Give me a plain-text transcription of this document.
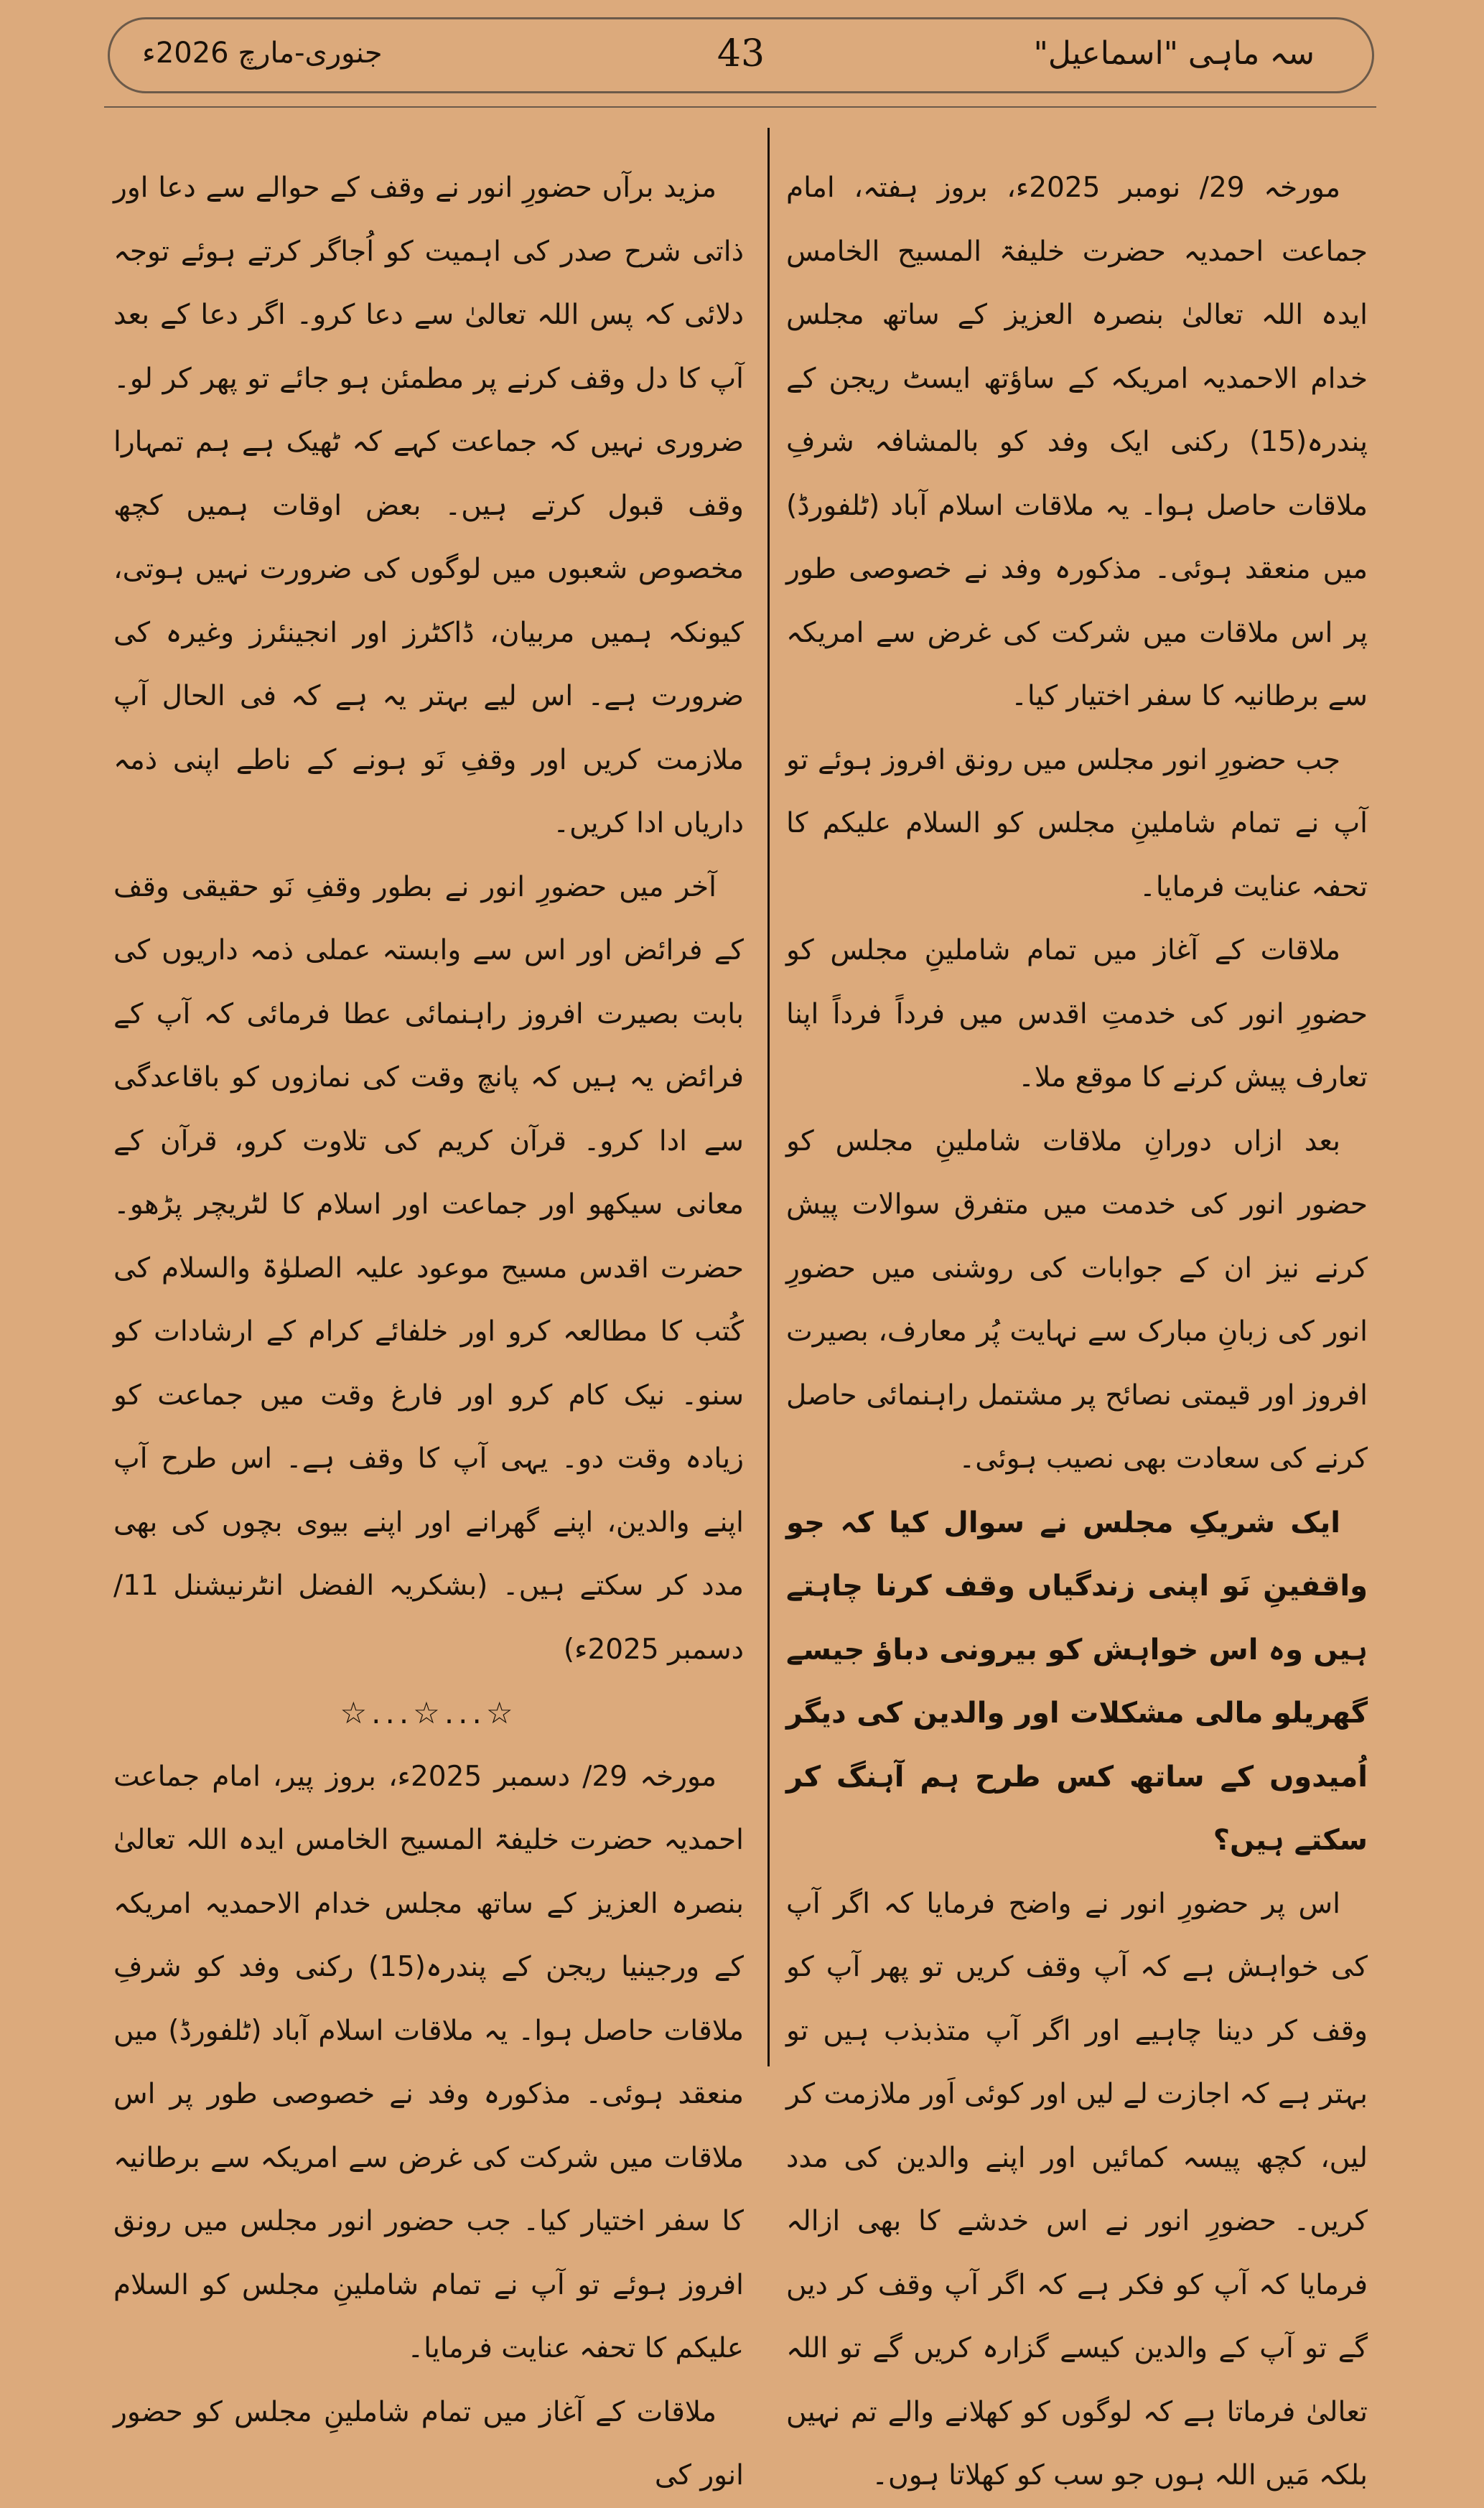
سہ ماہی "اسماعیل"
43
جنوری-مارچ 2026ء

مورخہ 29/ نومبر 2025ء، بروز ہفتہ، امام جماعت احمدیہ حضرت خلیفۃ المسیح الخامس ایدہ اللہ تعالیٰ بنصرہ العزیز کے ساتھ مجلس خدام الاحمدیہ امریکہ کے ساؤتھ ایسٹ ریجن کے پندرہ(15) رکنی ایک وفد کو بالمشافہ شرفِ ملاقات حاصل ہوا۔ یہ ملاقات اسلام آباد (ٹلفورڈ) میں منعقد ہوئی۔ مذکورہ وفد نے خصوصی طور پر اس ملاقات میں شرکت کی غرض سے امریکہ سے برطانیہ کا سفر اختیار کیا۔

جب حضورِ انور مجلس میں رونق افروز ہوئے تو آپ نے تمام شاملینِ مجلس کو السلام علیکم کا تحفہ عنایت فرمایا۔

ملاقات کے آغاز میں تمام شاملینِ مجلس کو حضورِ انور کی خدمتِ اقدس میں فرداً فرداً اپنا تعارف پیش کرنے کا موقع ملا۔

بعد ازاں دورانِ ملاقات شاملینِ مجلس کو حضور انور کی خدمت میں متفرق سوالات پیش کرنے نیز ان کے جوابات کی روشنی میں حضورِ انور کی زبانِ مبارک سے نہایت پُر معارف، بصیرت افروز اور قیمتی نصائح پر مشتمل راہنمائی حاصل کرنے کی سعادت بھی نصیب ہوئی۔

ایک شریکِ مجلس نے سوال کیا کہ جو واقفینِ نَو اپنی زندگیاں وقف کرنا چاہتے ہیں وہ اس خواہش کو بیرونی دباؤ جیسے گھریلو مالی مشکلات اور والدین کی دیگر اُمیدوں کے ساتھ کس طرح ہم آہنگ کر سکتے ہیں؟

اس پر حضورِ انور نے واضح فرمایا کہ اگر آپ کی خواہش ہے کہ آپ وقف کریں تو پھر آپ کو وقف کر دینا چاہیے اور اگر آپ متذبذب ہیں تو بہتر ہے کہ اجازت لے لیں اور کوئی اَور ملازمت کر لیں، کچھ پیسہ کمائیں اور اپنے والدین کی مدد کریں۔ حضورِ انور نے اس خدشے کا بھی ازالہ فرمایا کہ آپ کو فکر ہے کہ اگر آپ وقف کر دیں گے تو آپ کے والدین کیسے گزارہ کریں گے تو اللہ تعالیٰ فرماتا ہے کہ لوگوں کو کھلانے والے تم نہیں بلکہ مَیں اللہ ہوں جو سب کو کھلاتا ہوں۔

مزید برآں حضورِ انور نے وقف کے حوالے سے دعا اور ذاتی شرح صدر کی اہمیت کو اُجاگر کرتے ہوئے توجہ دلائی کہ پس اللہ تعالیٰ سے دعا کرو۔ اگر دعا کے بعد آپ کا دل وقف کرنے پر مطمئن ہو جائے تو پھر کر لو۔ ضروری نہیں کہ جماعت کہے کہ ٹھیک ہے ہم تمہارا وقف قبول کرتے ہیں۔ بعض اوقات ہمیں کچھ مخصوص شعبوں میں لوگوں کی ضرورت نہیں ہوتی، کیونکہ ہمیں مربیان، ڈاکٹرز اور انجینئرز وغیرہ کی ضرورت ہے۔ اس لیے بہتر یہ ہے کہ فی الحال آپ ملازمت کریں اور وقفِ نَو ہونے کے ناطے اپنی ذمہ داریاں ادا کریں۔

آخر میں حضورِ انور نے بطور وقفِ نَو حقیقی وقف کے فرائض اور اس سے وابستہ عملی ذمہ داریوں کی بابت بصیرت افروز راہنمائی عطا فرمائی کہ آپ کے فرائض یہ ہیں کہ پانچ وقت کی نمازوں کو باقاعدگی سے ادا کرو۔ قرآن کریم کی تلاوت کرو، قرآن کے معانی سیکھو اور جماعت اور اسلام کا لٹریچر پڑھو۔ حضرت اقدس مسیح موعود علیہ الصلوٰۃ والسلام کی کُتب کا مطالعہ کرو اور خلفائے کرام کے ارشادات کو سنو۔ نیک کام کرو اور فارغ وقت میں جماعت کو زیادہ وقت دو۔ یہی آپ کا وقف ہے۔ اس طرح آپ اپنے والدین، اپنے گھرانے اور اپنے بیوی بچوں کی بھی مدد کر سکتے ہیں۔ (بشکریہ الفضل انٹرنیشنل 11/ دسمبر 2025ء)

☆...☆...☆

مورخہ 29/ دسمبر 2025ء، بروز پیر، امام جماعت احمدیہ حضرت خلیفۃ المسیح الخامس ایدہ اللہ تعالیٰ بنصرہ العزیز کے ساتھ مجلس خدام الاحمدیہ امریکہ کے ورجینیا ریجن کے پندرہ(15) رکنی وفد کو شرفِ ملاقات حاصل ہوا۔ یہ ملاقات اسلام آباد (ٹلفورڈ) میں منعقد ہوئی۔ مذکورہ وفد نے خصوصی طور پر اس ملاقات میں شرکت کی غرض سے امریکہ سے برطانیہ کا سفر اختیار کیا۔ جب حضور انور مجلس میں رونق افروز ہوئے تو آپ نے تمام شاملینِ مجلس کو السلام علیکم کا تحفہ عنایت فرمایا۔

ملاقات کے آغاز میں تمام شاملینِ مجلس کو حضور انور کی
